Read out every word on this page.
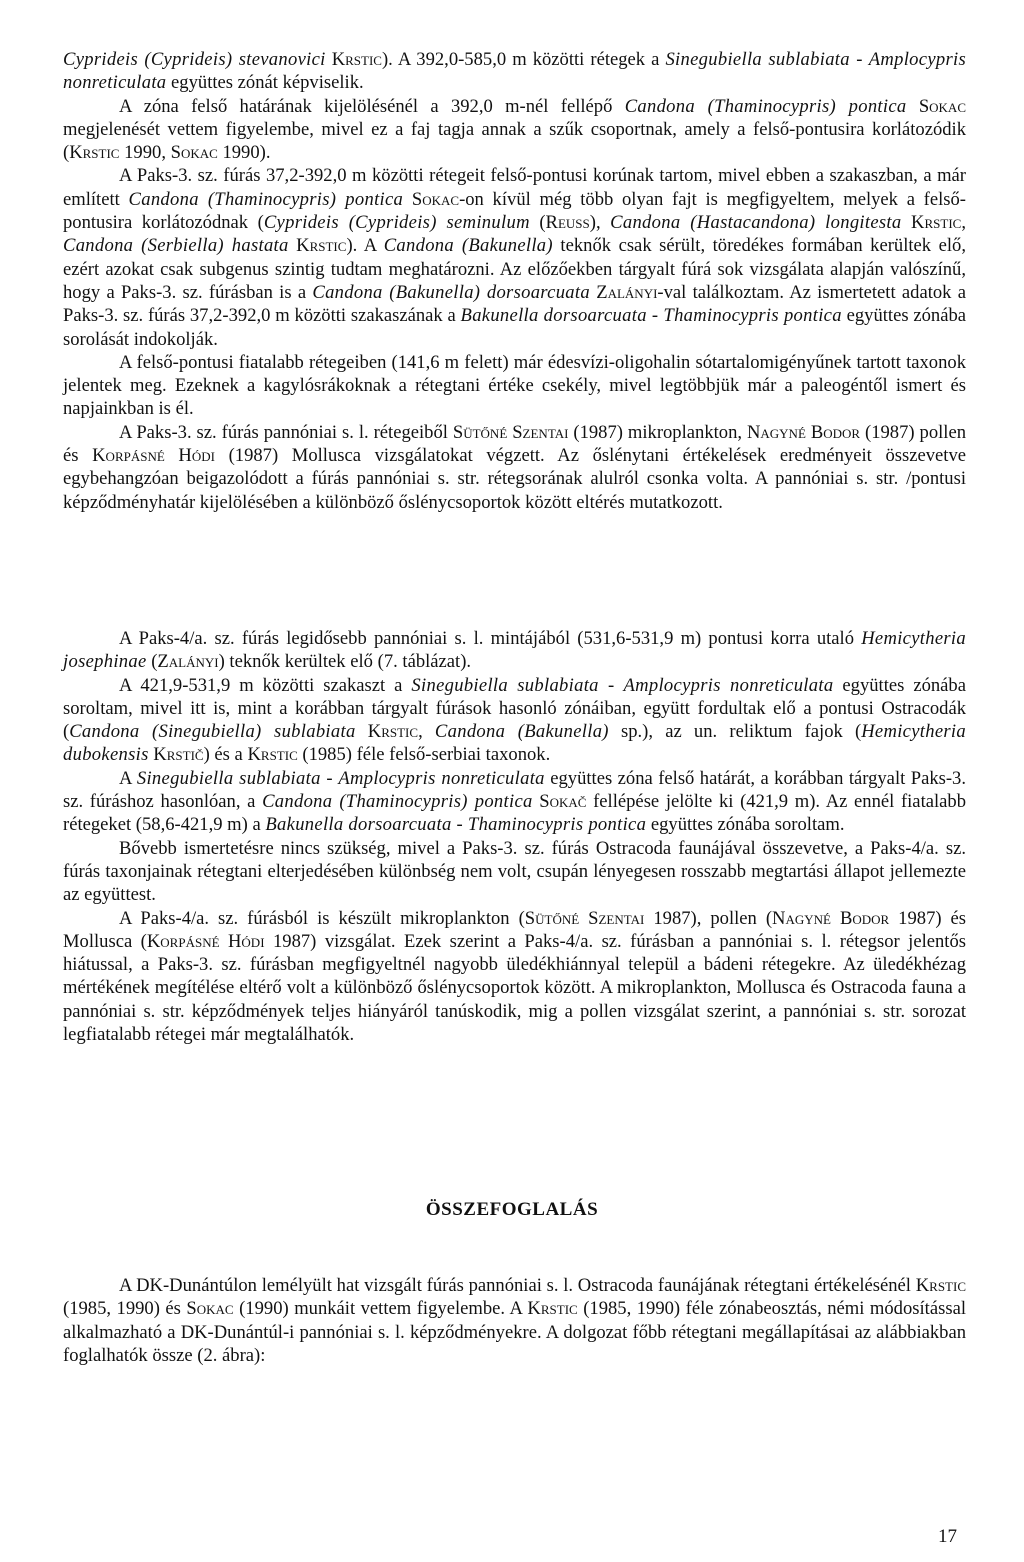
Cyprideis (Cyprideis) stevanovici Krstic). A 392,0-585,0 m közötti rétegek a Sinegubiella sublabiata - Amplocypris nonreticulata együttes zónát képviselik.

A zóna felső határának kijelölésénél a 392,0 m-nél fellépő Candona (Thaminocypris) pontica Sokac megjelenését vettem figyelembe, mivel ez a faj tagja annak a szűk csoportnak, amely a felső-pontusira korlátozódik (Krstic 1990, Sokac 1990).

A Paks-3. sz. fúrás 37,2-392,0 m közötti rétegeit felső-pontusi korúnak tartom, mivel ebben a szakaszban, a már említett Candona (Thaminocypris) pontica Sokac-on kívül még több olyan fajt is megfigyeltem, melyek a felső-pontusira korlátozódnak (Cyprideis (Cyprideis) seminulum (Reuss), Candona (Hastacandona) longitesta Krstic, Candona (Serbiella) hastata Krstic). A Candona (Bakunella) teknők csak sérült, töredékes formában kerültek elő, ezért azokat csak subgenus szintig tudtam meghatározni. Az előzőekben tárgyalt fúrá sok vizsgálata alapján valószínű, hogy a Paks-3. sz. fúrásban is a Candona (Bakunella) dorsoarcuata Zalányi-val találkoztam. Az ismertetett adatok a Paks-3. sz. fúrás 37,2-392,0 m közötti szakaszának a Bakunella dorsoarcuata - Thaminocypris pontica együttes zónába sorolását indokolják.

A felső-pontusi fiatalabb rétegeiben (141,6 m felett) már édesvízi-oligohalin sótartalomigényűnek tartott taxonok jelentek meg. Ezeknek a kagylósrákoknak a rétegtani értéke csekély, mivel legtöbbjük már a paleogéntől ismert és napjainkban is él.

A Paks-3. sz. fúrás pannóniai s. l. rétegeiből Sütőné Szentai (1987) mikroplankton, Nagyné Bodor (1987) pollen és Korpásné Hódi (1987) Mollusca vizsgálatokat végzett. Az őslénytani értékelések eredményeit összevetve egybehangzóan beigazolódott a fúrás pannóniai s. str. rétegsorának alulról csonka volta. A pannóniai s. str. /pontusi képződményhatár kijelölésében a különböző őslénycsoportok között eltérés mutatkozott.

A Paks-4/a. sz. fúrás legidősebb pannóniai s. l. mintájából (531,6-531,9 m) pontusi korra utaló Hemicytheria josephinae (Zalányi) teknők kerültek elő (7. táblázat).

A 421,9-531,9 m közötti szakaszt a Sinegubiella sublabiata - Amplocypris nonreticulata együttes zónába soroltam, mivel itt is, mint a korábban tárgyalt fúrások hasonló zónáiban, együtt fordultak elő a pontusi Ostracodák (Candona (Sinegubiella) sublabiata Krstic, Candona (Bakunella) sp.), az un. reliktum fajok (Hemicytheria dubokensis Krstič) és a Krstic (1985) féle felső-serbiai taxonok.

A Sinegubiella sublabiata - Amplocypris nonreticulata együttes zóna felső határát, a korábban tárgyalt Paks-3. sz. fúráshoz hasonlóan, a Candona (Thaminocypris) pontica Sokač fellépése jelölte ki (421,9 m). Az ennél fiatalabb rétegeket (58,6-421,9 m) a Bakunella dorsoarcuata - Thaminocypris pontica együttes zónába soroltam.

Bővebb ismertetésre nincs szükség, mivel a Paks-3. sz. fúrás Ostracoda faunájával összevetve, a Paks-4/a. sz. fúrás taxonjainak rétegtani elterjedésében különbség nem volt, csupán lényegesen rosszabb megtartási állapot jellemezte az együttest.

A Paks-4/a. sz. fúrásból is készült mikroplankton (Sütőné Szentai 1987), pollen (Nagyné Bodor 1987) és Mollusca (Korpásné Hódi 1987) vizsgálat. Ezek szerint a Paks-4/a. sz. fúrásban a pannóniai s. l. rétegsor jelentős hiátussal, a Paks-3. sz. fúrásban megfigyeltnél nagyobb üledékhiánnyal települ a bádeni rétegekre. Az üledékhézag mértékének megítélése eltérő volt a különböző őslénycsoportok között. A mikroplankton, Mollusca és Ostracoda fauna a pannóniai s. str. képződmények teljes hiányáról tanúskodik, mig a pollen vizsgálat szerint, a pannóniai s. str. sorozat legfiatalabb rétegei már megtalálhatók.

ÖSSZEFOGLALÁS

A DK-Dunántúlon lemélyült hat vizsgált fúrás pannóniai s. l. Ostracoda faunájának rétegtani értékelésénél Krstic (1985, 1990) és Sokac (1990) munkáit vettem figyelembe. A Krstic (1985, 1990) féle zónabeosztás, némi módosítással alkalmazható a DK-Dunántúl-i pannóniai s. l. képződményekre. A dolgozat főbb rétegtani megállapításai az alábbiakban foglalhatók össze (2. ábra):

17
